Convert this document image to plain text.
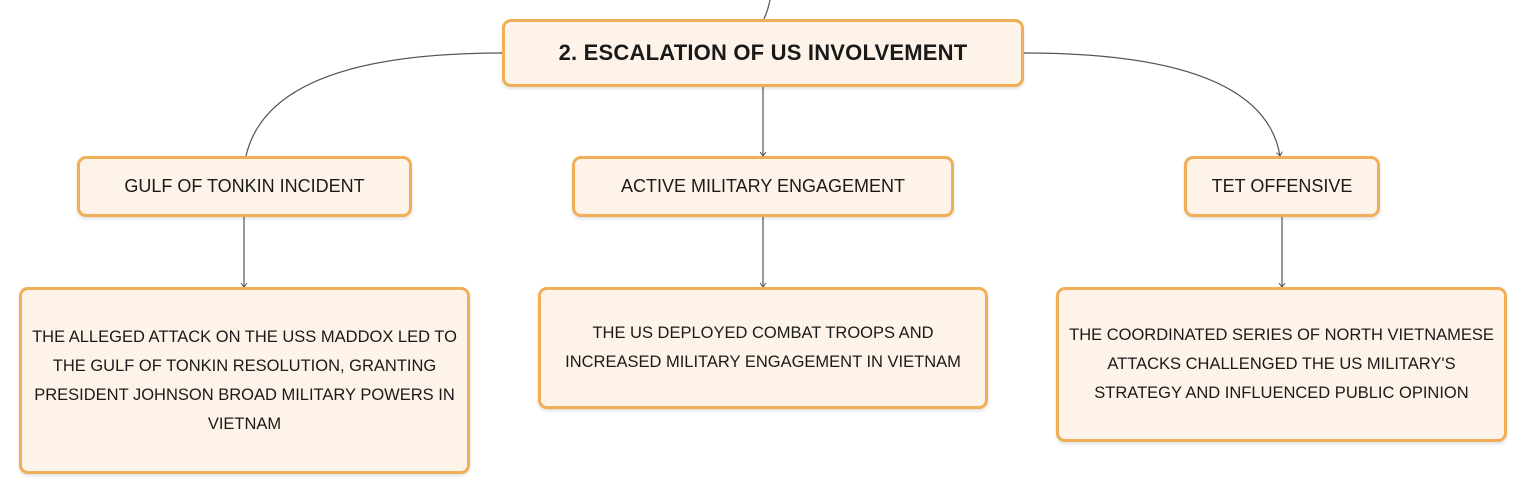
2. ESCALATION OF US INVOLVEMENT
GULF OF TONKIN INCIDENT	ACTIVE MILITARY ENGAGEMENT	TET OFFENSIVE
THE ALLEGED ATTACK ON THE USS MADDOX LED TO THE GULF OF TONKIN RESOLUTION, GRANTING PRESIDENT JOHNSON BROAD MILITARY POWERS IN VIETNAM
THE US DEPLOYED COMBAT TROOPS AND INCREASED MILITARY ENGAGEMENT IN VIETNAM
THE COORDINATED SERIES OF NORTH VIETNAMESE ATTACKS CHALLENGED THE US MILITARY'S STRATEGY AND INFLUENCED PUBLIC OPINION
